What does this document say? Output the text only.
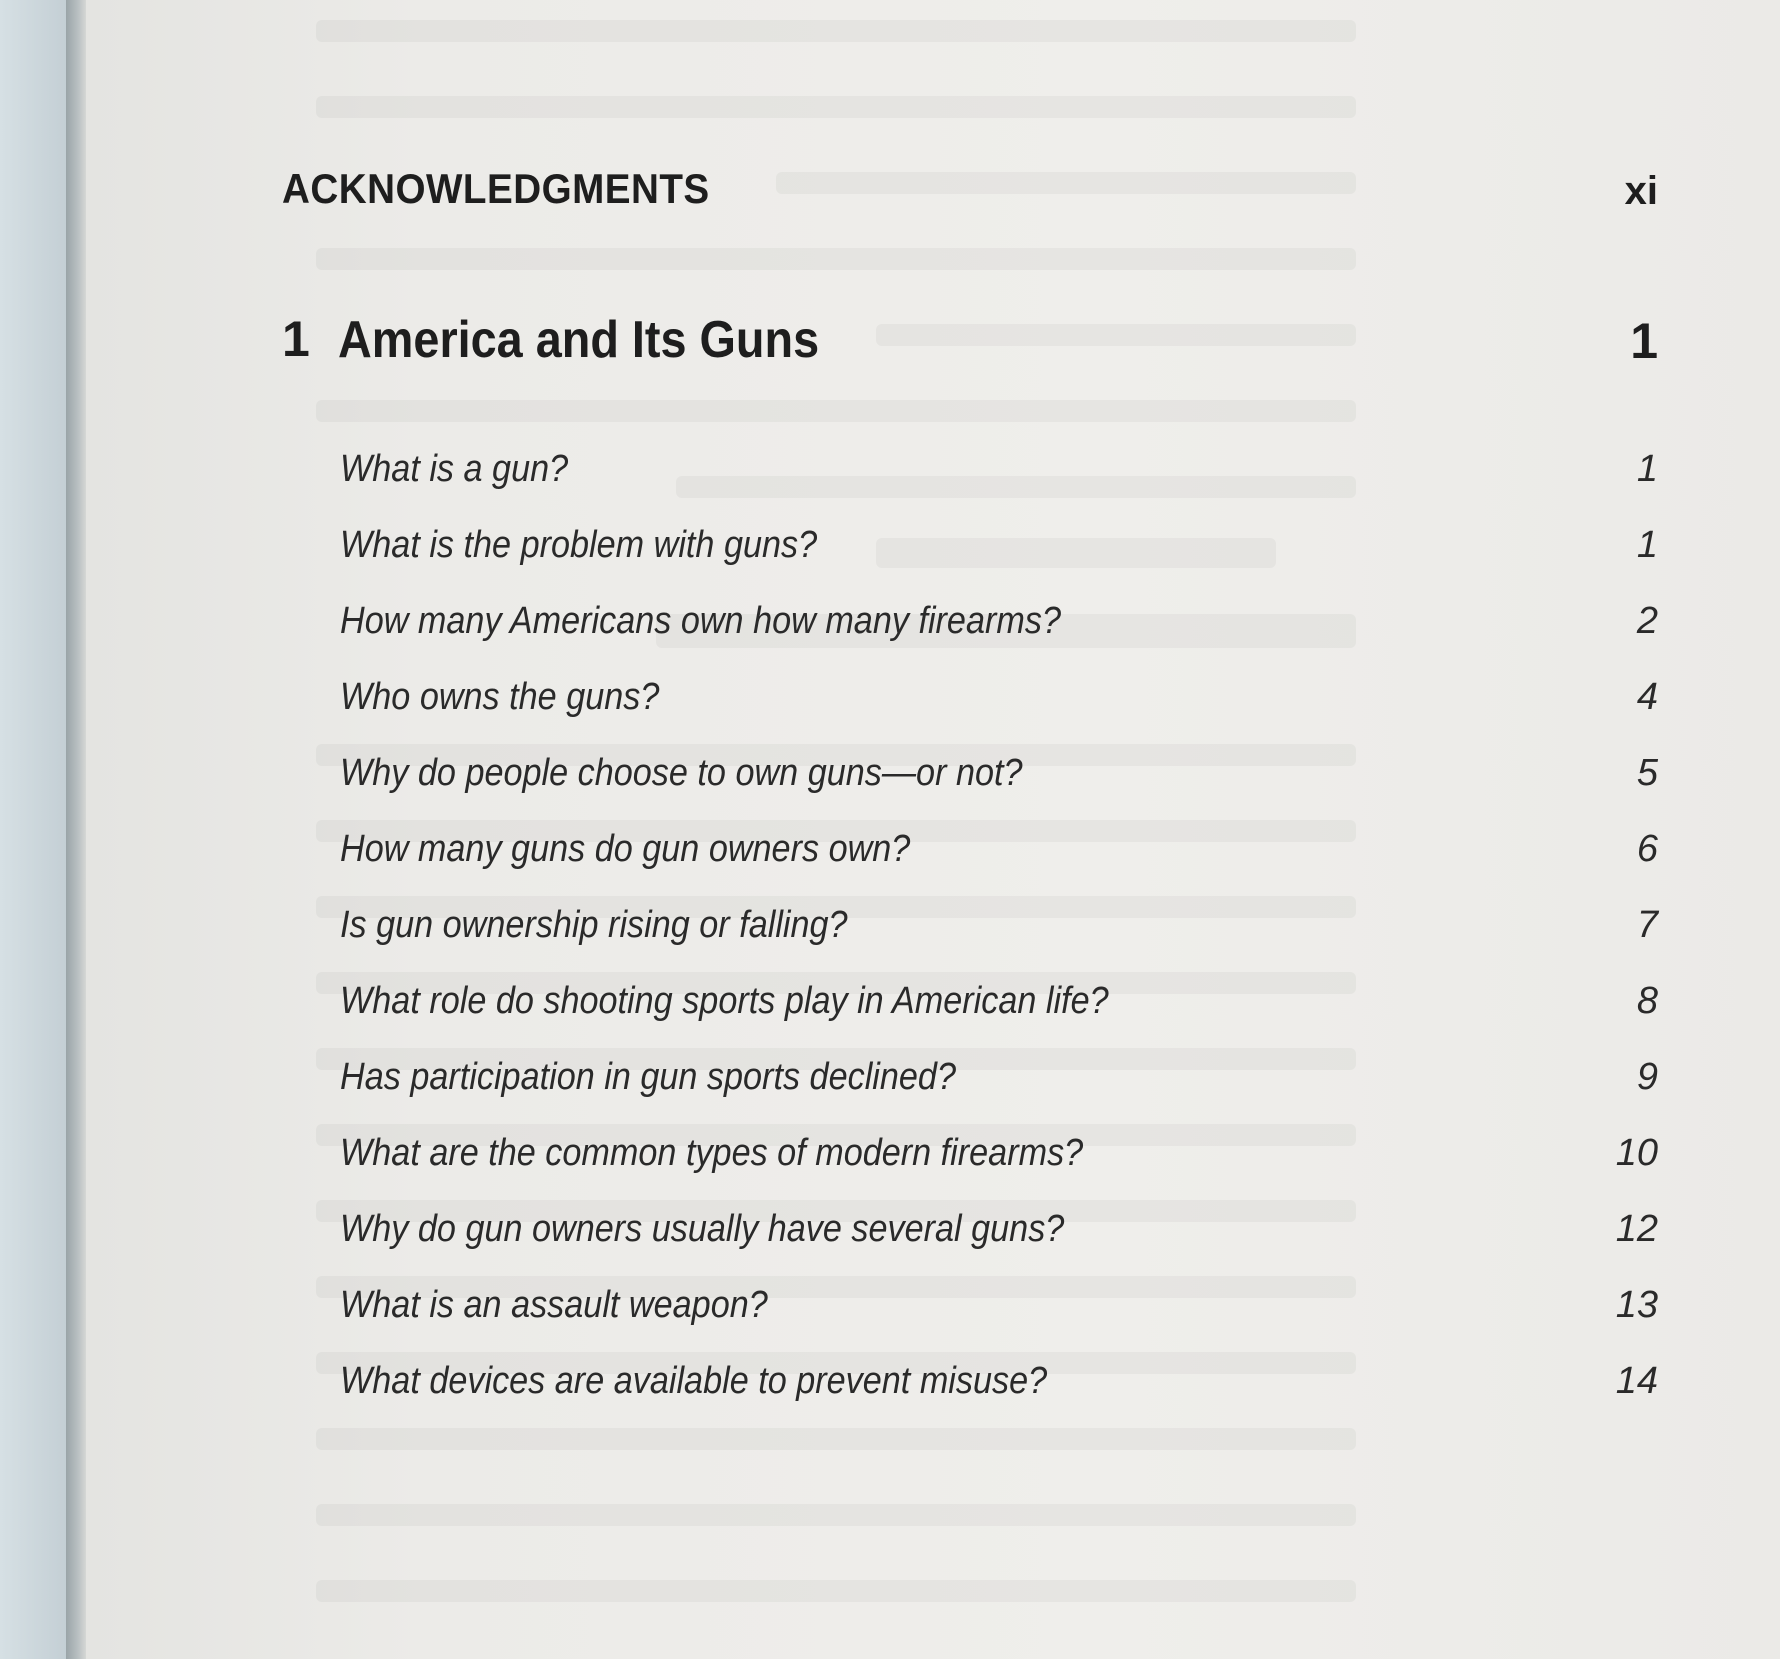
ACKNOWLEDGMENTS	xi
1 America and Its Guns	1
What is a gun?	1
What is the problem with guns?	1
How many Americans own how many firearms?	2
Who owns the guns?	4
Why do people choose to own guns—or not?	5
How many guns do gun owners own?	6
Is gun ownership rising or falling?	7
What role do shooting sports play in American life?	8
Has participation in gun sports declined?	9
What are the common types of modern firearms?	10
Why do gun owners usually have several guns?	12
What is an assault weapon?	13
What devices are available to prevent misuse?	14
